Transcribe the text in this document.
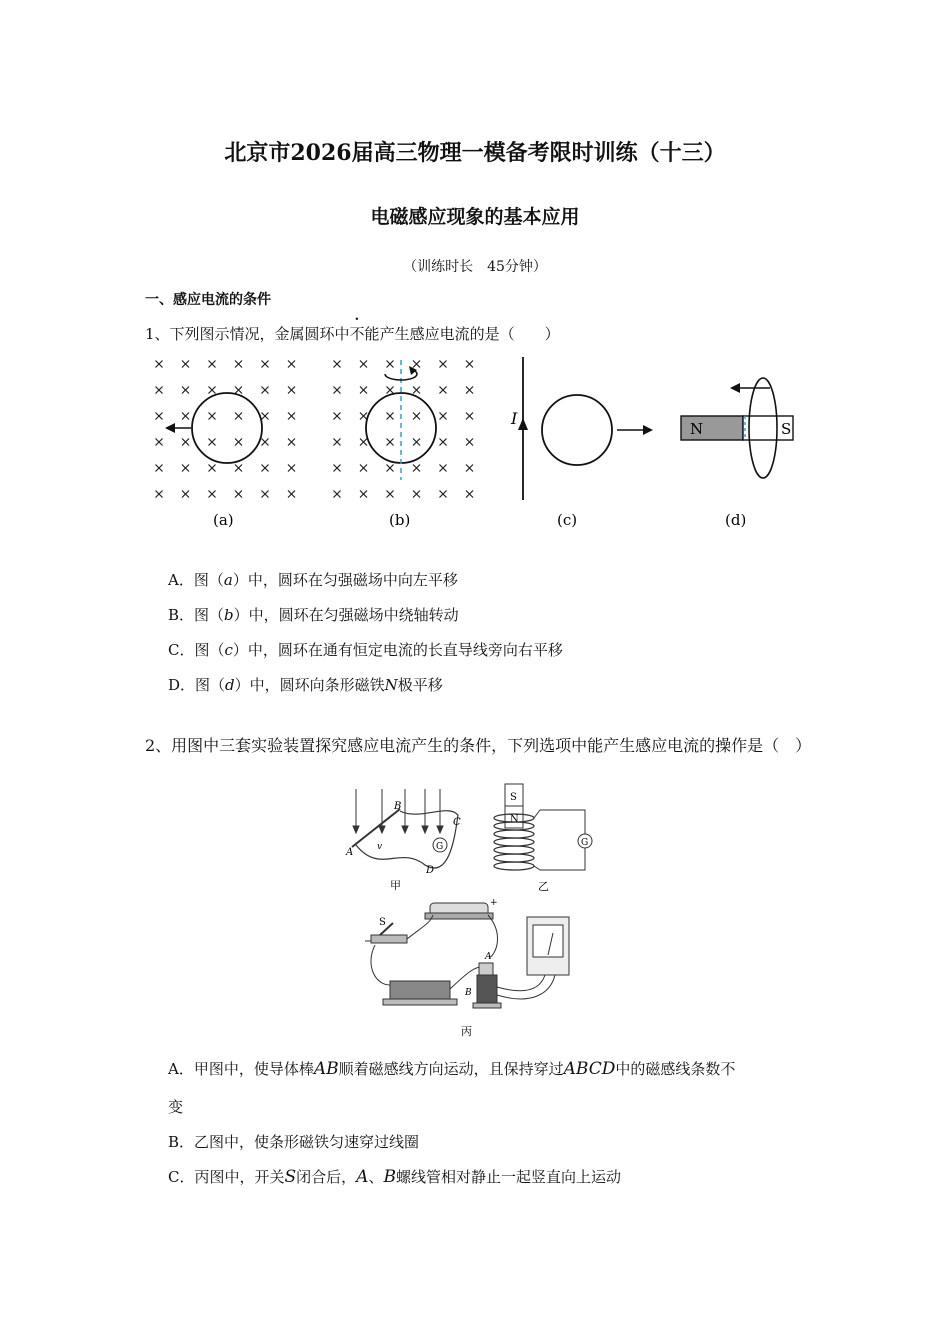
北京市2026届高三物理一模备考限时训练（十三）
电磁感应现象的基本应用
（训练时长　45分钟）
一、感应电流的条件
1、下列图示情况，金属圆环中不能产生感应电流的是（　　）
(a)	(b)
I
(c)
N	S
(d)
A．图（a）中，圆环在匀强磁场中向左平移
B．图（b）中，圆环在匀强磁场中绕轴转动
C．图（c）中，圆环在通有恒定电流的长直导线旁向右平移
D．图（d）中，圆环向条形磁铁N极平移
2、用图中三套实验装置探究感应电流产生的条件，下列选项中能产生感应电流的操作是（　）
G
A
B
C
D
v
甲
S
N
G
乙
+
S
A
B
丙
A．甲图中，使导体棒AB顺着磁感线方向运动，且保持穿过ABCD中的磁感线条数不
变
B．乙图中，使条形磁铁匀速穿过线圈
C．丙图中，开关S闭合后，A、B螺线管相对静止一起竖直向上运动
